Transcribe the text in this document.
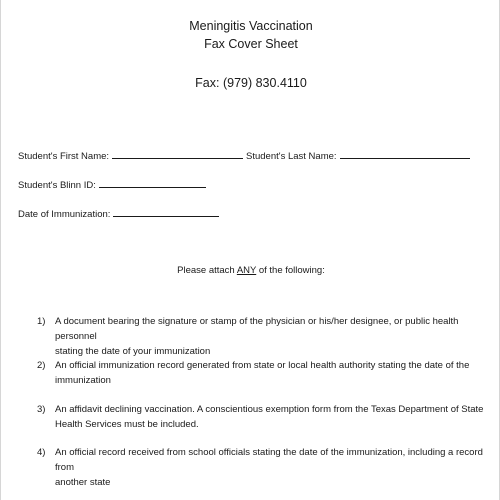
Meningitis Vaccination
Fax Cover Sheet
Fax: (979) 830.4110
Student's First Name:	Student's Last Name:
Student's Blinn ID:
Date of Immunization:
Please attach ANY of the following:
1) A document bearing the signature or stamp of the physician or his/her designee, or public health personnel
stating the date of your immunization
2) An official immunization record generated from state or local health authority stating the date of the
immunization
3) An affidavit declining vaccination. A conscientious exemption form from the Texas Department of State
Health Services must be included.
4) An official record received from school officials stating the date of the immunization, including a record from
another state
